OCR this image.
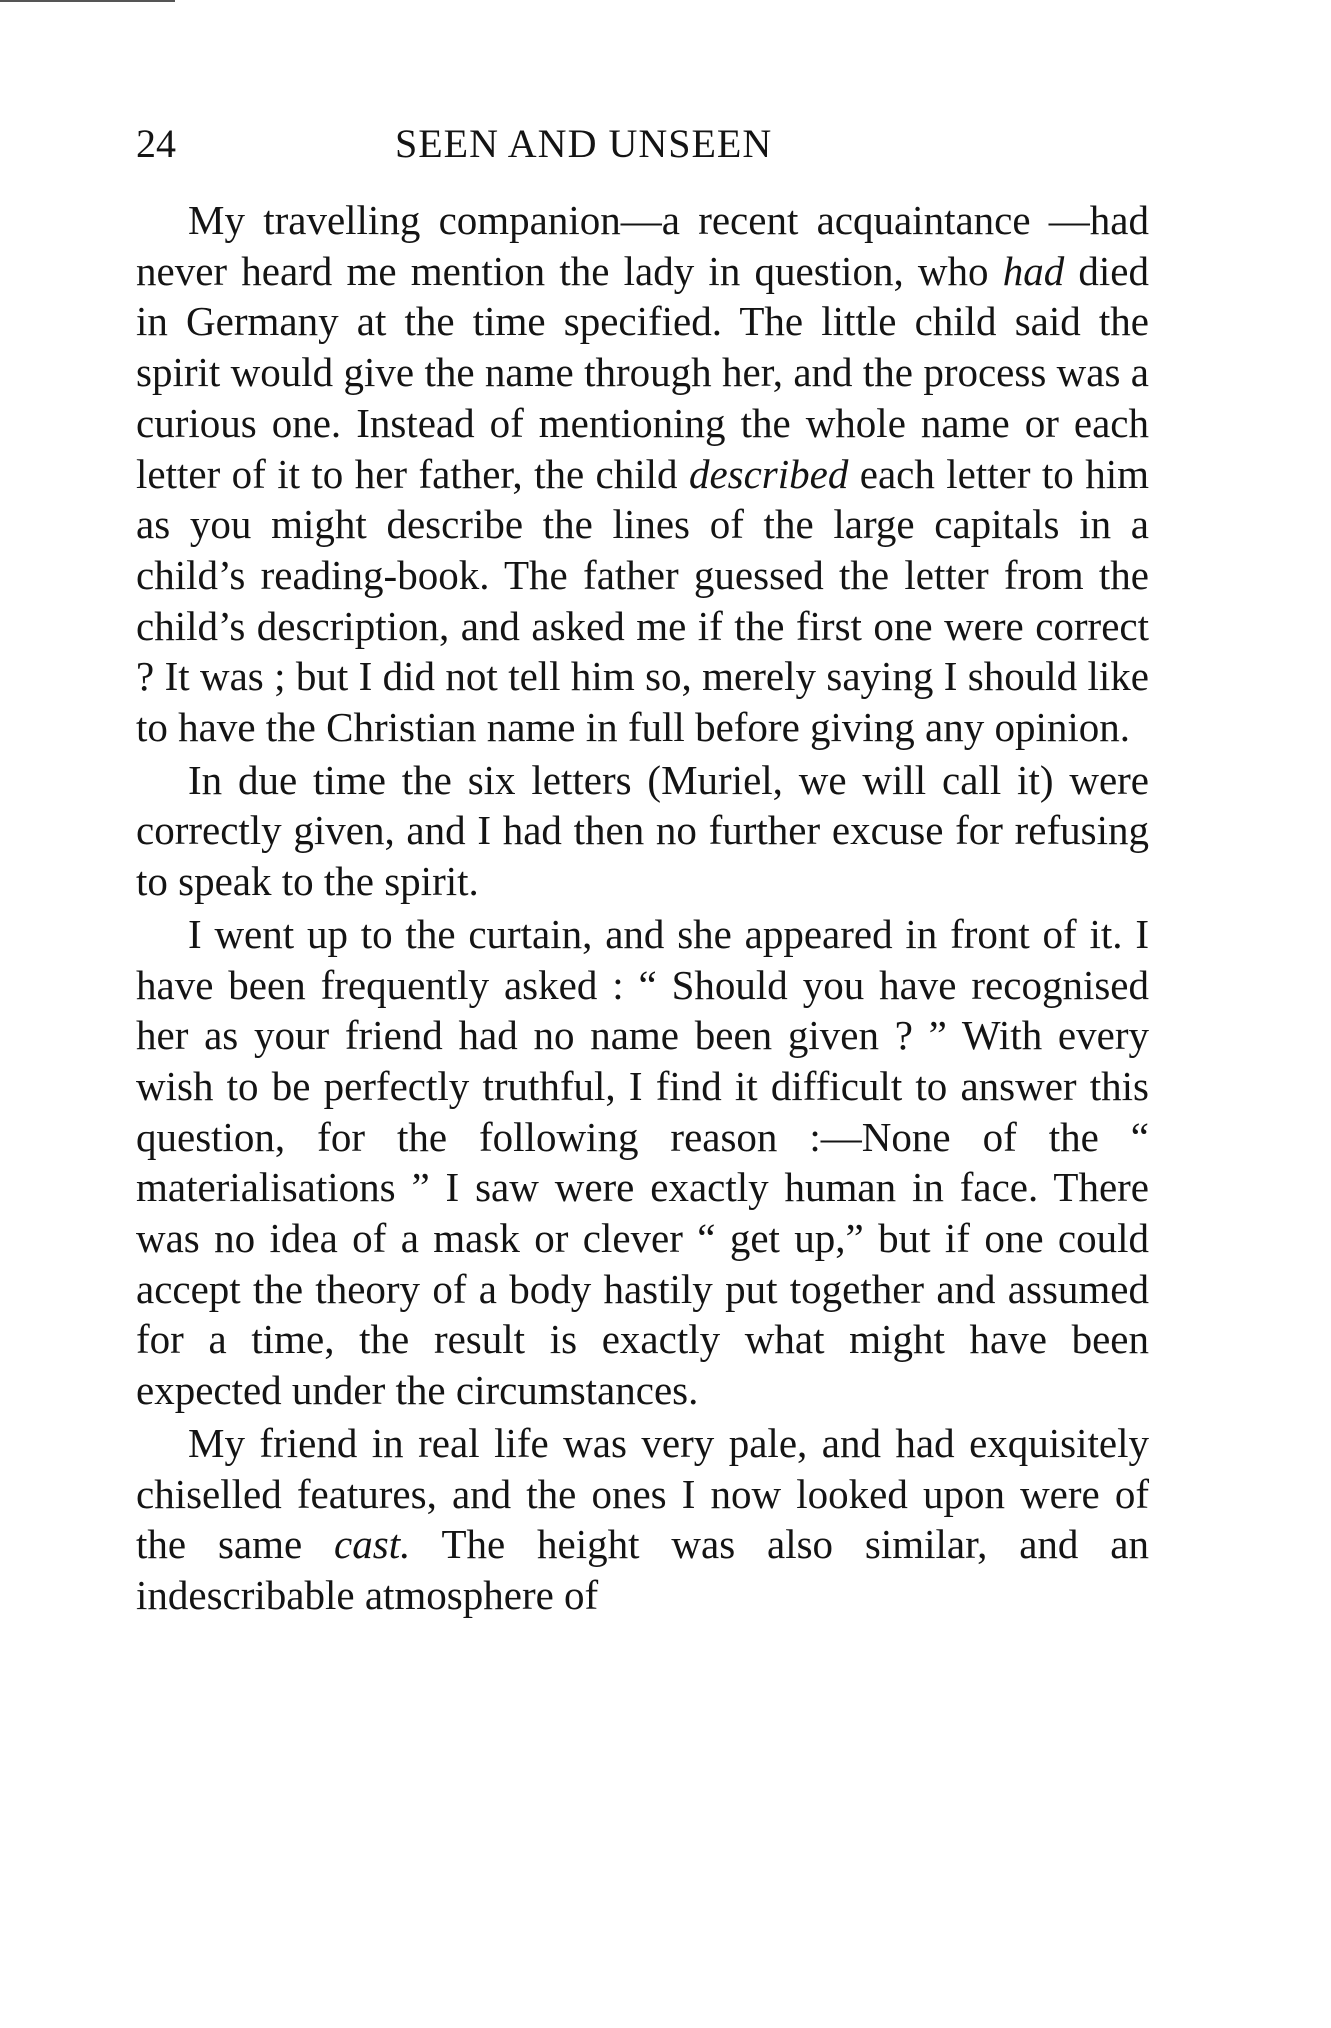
24	SEEN AND UNSEEN

My travelling companion—a recent acquaintance —had never heard me mention the lady in question, who had died in Germany at the time specified. The little child said the spirit would give the name through her, and the process was a curious one. Instead of mentioning the whole name or each letter of it to her father, the child described each letter to him as you might describe the lines of the large capitals in a child’s reading-book. The father guessed the letter from the child’s description, and asked me if the first one were correct ? It was ; but I did not tell him so, merely saying I should like to have the Christian name in full before giving any opinion.

In due time the six letters (Muriel, we will call it) were correctly given, and I had then no further excuse for refusing to speak to the spirit.

I went up to the curtain, and she appeared in front of it. I have been frequently asked : “ Should you have recognised her as your friend had no name been given ? ” With every wish to be perfectly truthful, I find it difficult to answer this question, for the following reason :—None of the “ materialisations ” I saw were exactly human in face. There was no idea of a mask or clever “ get up,” but if one could accept the theory of a body hastily put together and assumed for a time, the result is exactly what might have been expected under the circumstances.

My friend in real life was very pale, and had exquisitely chiselled features, and the ones I now looked upon were of the same cast. The height was also similar, and an indescribable atmosphere of
